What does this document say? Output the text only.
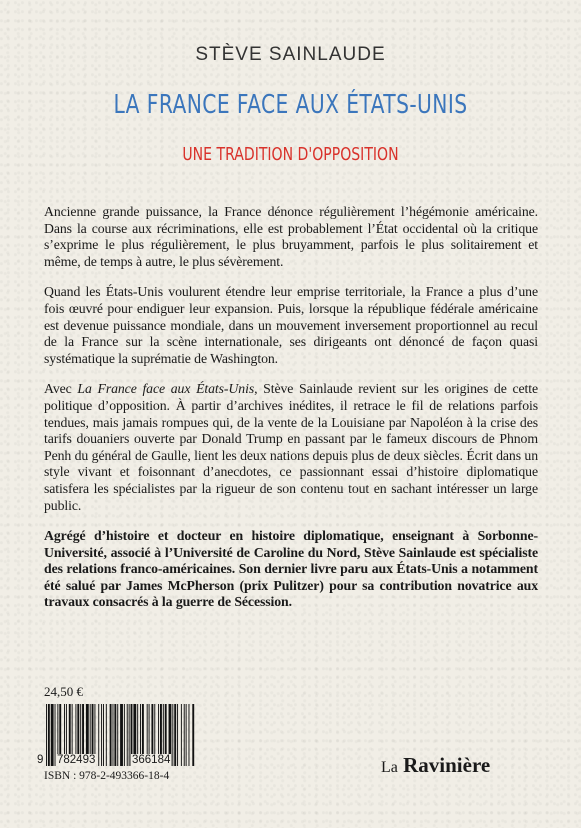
STÈVE SAINLAUDE
LA FRANCE FACE AUX ÉTATS-UNIS
UNE TRADITION D'OPPOSITION

Ancienne grande puissance, la France dénonce régulièrement l’hégémonie américaine. Dans la course aux récriminations, elle est probablement l’État occidental où la critique s’exprime le plus régulièrement, le plus bruyamment, parfois le plus solitairement et même, de temps à autre, le plus sévèrement.

Quand les États-Unis voulurent étendre leur emprise territoriale, la France a plus d’une fois œuvré pour endiguer leur expansion. Puis, lorsque la république fédérale américaine est devenue puissance mondiale, dans un mouvement inversement proportionnel au recul de la France sur la scène internationale, ses dirigeants ont dénoncé de façon quasi systématique la suprématie de Washington.

Avec La France face aux États-Unis, Stève Sainlaude revient sur les origines de cette politique d’opposition. À partir d’archives inédites, il retrace le fil de relations parfois tendues, mais jamais rompues qui, de la vente de la Louisiane par Napoléon à la crise des tarifs douaniers ouverte par Donald Trump en passant par le fameux discours de Phnom Penh du général de Gaulle, lient les deux nations depuis plus de deux siècles. Écrit dans un style vivant et foisonnant d’anecdotes, ce passionnant essai d’histoire diplomatique satisfera les spécialistes par la rigueur de son contenu tout en sachant intéresser un large public.

Agrégé d’histoire et docteur en histoire diplomatique, enseignant à Sorbonne-Université, associé à l’Université de Caroline du Nord, Stève Sainlaude est spécialiste des relations franco-américaines. Son dernier livre paru aux États-Unis a notamment été salué par James McPherson (prix Pulitzer) pour sa contribution novatrice aux travaux consacrés à la guerre de Sécession.

24,50 €
9 782493	366184
ISBN : 978-2-493366-18-4	La Ravinière
